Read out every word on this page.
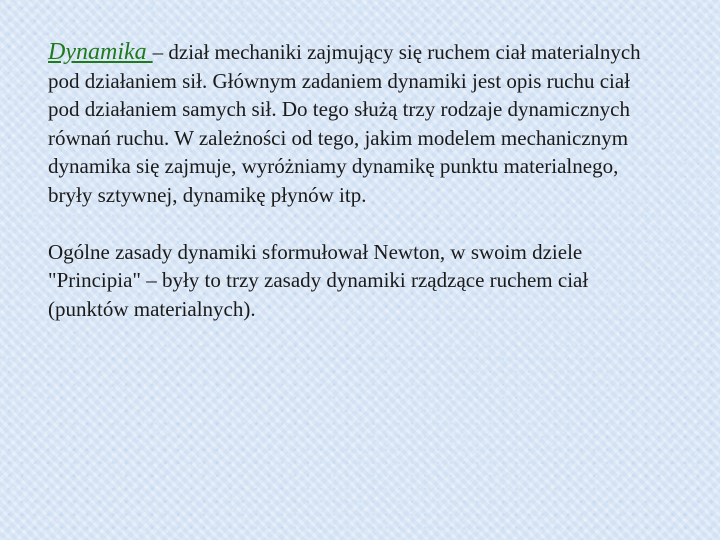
Dynamika – dział mechaniki zajmujący się ruchem ciał materialnych pod działaniem sił. Głównym zadaniem dynamiki jest opis ruchu ciał pod działaniem samych sił. Do tego służą trzy rodzaje dynamicznych równań ruchu. W zależności od tego, jakim modelem mechanicznym dynamika się zajmuje, wyróżniamy dynamikę punktu materialnego, bryły sztywnej, dynamikę płynów itp.

Ogólne zasady dynamiki sformułował Newton, w swoim dziele "Principia" – były to trzy zasady dynamiki rządzące ruchem ciał (punktów materialnych).
